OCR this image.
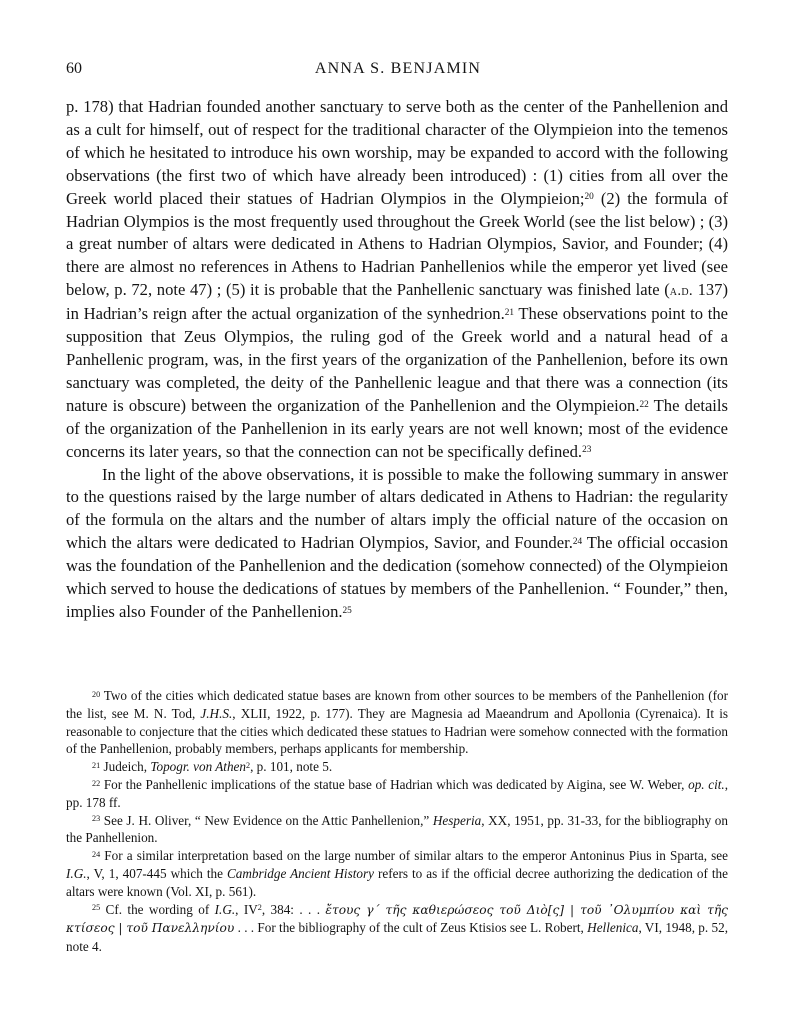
60	ANNA S. BENJAMIN

p. 178) that Hadrian founded another sanctuary to serve both as the center of the Panhellenion and as a cult for himself, out of respect for the traditional character of the Olympieion into the temenos of which he hesitated to introduce his own worship, may be expanded to accord with the following observations (the first two of which have already been introduced) : (1) cities from all over the Greek world placed their statues of Hadrian Olympios in the Olympieion;$^{20}$ (2) the formula of Hadrian Olympios is the most frequently used throughout the Greek World (see the list below) ; (3) a great number of altars were dedicated in Athens to Hadrian Olympios, Savior, and Founder; (4) there are almost no references in Athens to Hadrian Panhellenios while the emperor yet lived (see below, p. 72, note 47) ; (5) it is probable that the Panhellenic sanctuary was finished late (a.d. 137) in Hadrian’s reign after the actual organization of the synhedrion.$^{21}$ These observations point to the supposition that Zeus Olympios, the ruling god of the Greek world and a natural head of a Panhellenic program, was, in the first years of the organization of the Panhellenion, before its own sanctuary was completed, the deity of the Panhellenic league and that there was a connection (its nature is obscure) between the organization of the Panhellenion and the Olympieion.$^{22}$ The details of the organization of the Panhellenion in its early years are not well known; most of the evidence concerns its later years, so that the connection can not be specifically defined.$^{23}$

In the light of the above observations, it is possible to make the following summary in answer to the questions raised by the large number of altars dedicated in Athens to Hadrian: the regularity of the formula on the altars and the number of altars imply the official nature of the occasion on which the altars were dedicated to Hadrian Olympios, Savior, and Founder.$^{24}$ The official occasion was the foundation of the Panhellenion and the dedication (somehow connected) of the Olympieion which served to house the dedications of statues by members of the Panhellenion. “ Founder,” then, implies also Founder of the Panhellenion.$^{25}$

$^{20}$ Two of the cities which dedicated statue bases are known from other sources to be members of the Panhellenion (for the list, see M. N. Tod, J.H.S., XLII, 1922, p. 177). They are Magnesia ad Maeandrum and Apollonia (Cyrenaica). It is reasonable to conjecture that the cities which dedicated these statues to Hadrian were somehow connected with the formation of the Panhellenion, probably members, perhaps applicants for membership.

$^{21}$ Judeich, Topogr. von Athen$^2$, p. 101, note 5.

$^{22}$ For the Panhellenic implications of the statue base of Hadrian which was dedicated by Aigina, see W. Weber, op. cit., pp. 178 ff.

$^{23}$ See J. H. Oliver, “ New Evidence on the Attic Panhellenion,” Hesperia, XX, 1951, pp. 31-33, for the bibliography on the Panhellenion.

$^{24}$ For a similar interpretation based on the large number of similar altars to the emperor Antoninus Pius in Sparta, see I.G., V, 1, 407-445 which the Cambridge Ancient History refers to as if the official decree authorizing the dedication of the altars were known (Vol. XI, p. 561).

$^{25}$ Cf. the wording of I.G., $IV^2$, 384: . . . ἔτους γ´ τῆς καθιερώσεος τοῦ Διὸ[ς] | τοῦ ᾿Ολυμπίου καὶ τῆς κτίσεος | τοῦ Πανελληνίου . . . For the bibliography of the cult of Zeus Ktisios see L. Robert, Hellenica, VI, 1948, p. 52, note 4.
